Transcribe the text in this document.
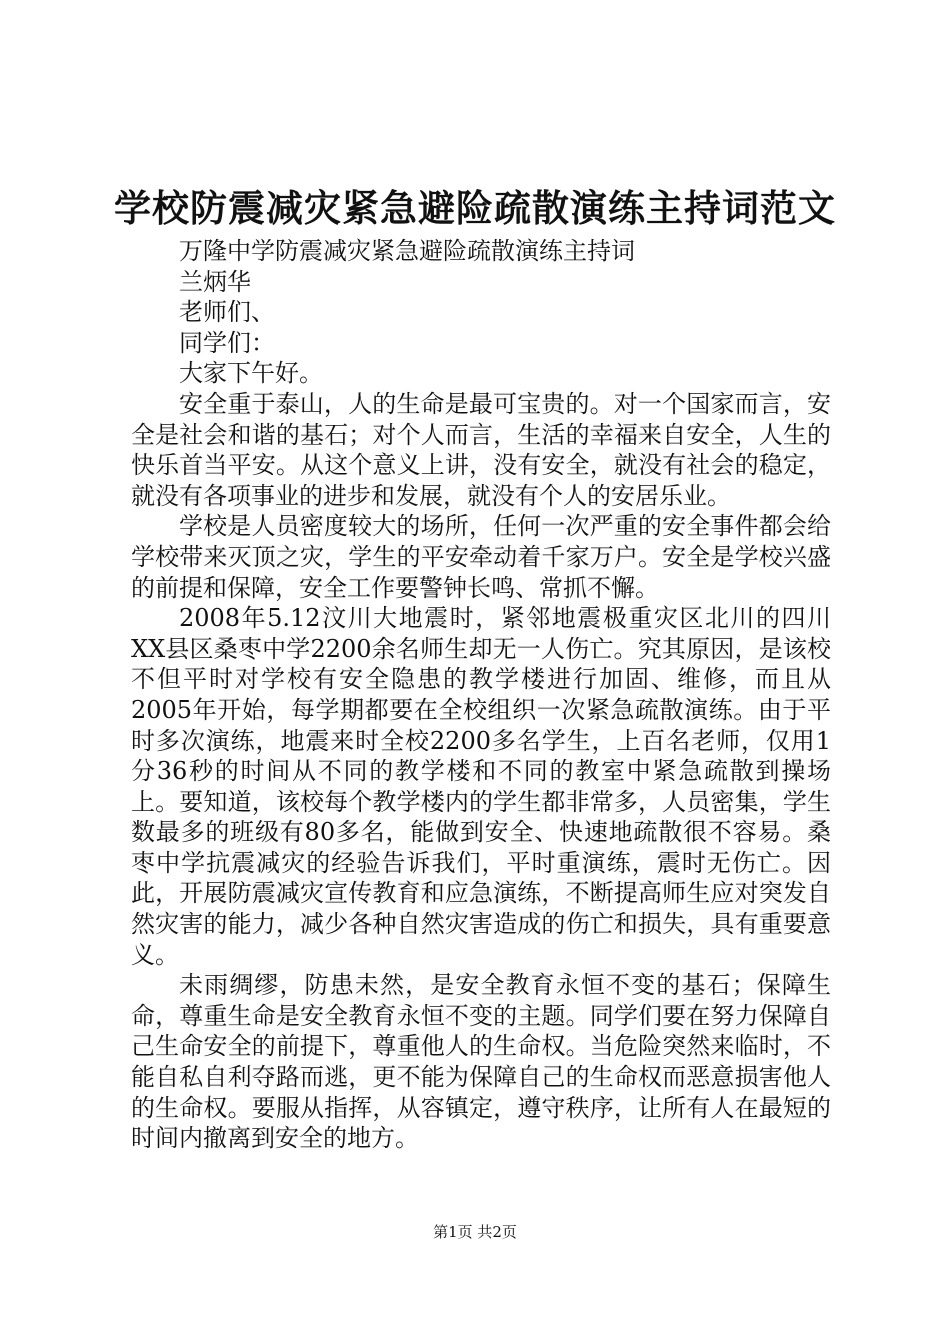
学校防震减灾紧急避险疏散演练主持词范文

万隆中学防震减灾紧急避险疏散演练主持词

兰炳华

老师们、

同学们：

大家下午好。

安全重于泰山，人的生命是最可宝贵的。对一个国家而言，安全是社会和谐的基石；对个人而言，生活的幸福来自安全，人生的快乐首当平安。从这个意义上讲，没有安全，就没有社会的稳定，就没有各项事业的进步和发展，就没有个人的安居乐业。

学校是人员密度较大的场所，任何一次严重的安全事件都会给学校带来灭顶之灾，学生的平安牵动着千家万户。安全是学校兴盛的前提和保障，安全工作要警钟长鸣、常抓不懈。

2008年5.12汶川大地震时，紧邻地震极重灾区北川的四川XX县区桑枣中学2200余名师生却无一人伤亡。究其原因，是该校不但平时对学校有安全隐患的教学楼进行加固、维修，而且从2005年开始，每学期都要在全校组织一次紧急疏散演练。由于平时多次演练，地震来时全校2200多名学生，上百名老师，仅用1分36秒的时间从不同的教学楼和不同的教室中紧急疏散到操场上。要知道，该校每个教学楼内的学生都非常多，人员密集，学生数最多的班级有80多名，能做到安全、快速地疏散很不容易。桑枣中学抗震减灾的经验告诉我们，平时重演练，震时无伤亡。因此，开展防震减灾宣传教育和应急演练，不断提高师生应对突发自然灾害的能力，减少各种自然灾害造成的伤亡和损失，具有重要意义。

未雨绸缪，防患未然，是安全教育永恒不变的基石；保障生命，尊重生命是安全教育永恒不变的主题。同学们要在努力保障自己生命安全的前提下，尊重他人的生命权。当危险突然来临时，不能自私自利夺路而逃，更不能为保障自己的生命权而恶意损害他人的生命权。要服从指挥，从容镇定，遵守秩序，让所有人在最短的时间内撤离到安全的地方。

第1页 共2页
